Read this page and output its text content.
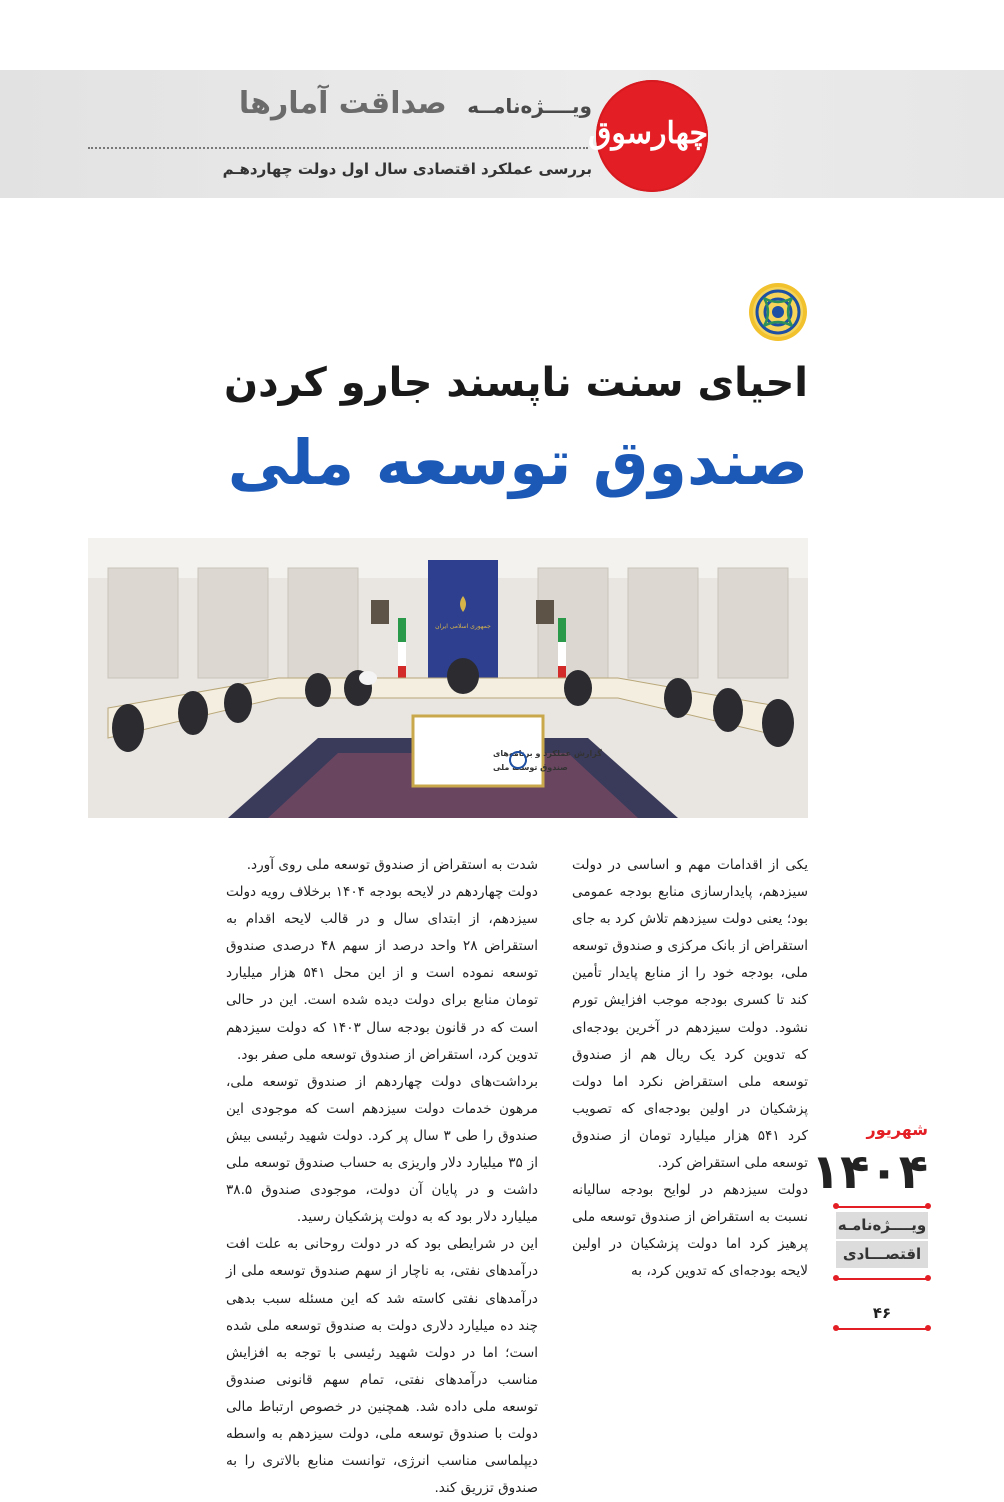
ویــــژه‌نامــه صداقت آمارها
بررسی عملکرد اقتصادی سال اول دولت چهاردهـم
چهارسوق
احیای سنت ناپسند جارو کردن
صندوق توسعه ملی
جمهوری اسلامی ایران
گزارش عملکرد و برنامه‌های
صندوق توسعه ملی

یکی از اقدامات مهم و اساسی در دولت سیزدهم، پایدارسازی منابع بودجه عمومی بود؛ یعنی دولت سیزدهم تلاش کرد به جای استقراض از بانک مرکزی و صندوق توسعه ملی، بودجه خود را از منابع پایدار تأمین کند تا کسری بودجه موجب افزایش تورم نشود. دولت سیزدهم در آخرین بودجه‌ای که تدوین کرد یک ریال هم از صندوق توسعه ملی استقراض نکرد اما دولت پزشکیان در اولین بودجه‌ای که تصویب کرد ۵۴۱ هزار میلیارد تومان از صندوق توسعه ملی استقراض کرد.

دولت سیزدهم در لوایح بودجه سالیانه نسبت به استقراض از صندوق توسعه ملی پرهیز کرد اما دولت پزشکیان در اولین لایحه بودجه‌ای که تدوین کرد، به

شدت به استقراض از صندوق توسعه ملی روی آورد.

دولت چهاردهم در لایحه بودجه ۱۴۰۴ برخلاف رویه دولت سیزدهم، از ابتدای سال و در قالب لایحه اقدام به استقراض ۲۸ واحد درصد از سهم ۴۸ درصدی صندوق توسعه نموده است و از این محل ۵۴۱ هزار میلیارد تومان منابع برای دولت دیده شده است. این در حالی است که در قانون بودجه سال ۱۴۰۳ که دولت سیزدهم تدوین کرد، استقراض از صندوق توسعه ملی صفر بود.

برداشت‌های دولت چهاردهم از صندوق توسعه ملی، مرهون خدمات دولت سیزدهم است که موجودی این صندوق را طی ۳ سال پر کرد. دولت شهید رئیسی بیش از ۳۵ میلیارد دلار واریزی به حساب صندوق توسعه ملی داشت و در پایان آن دولت، موجودی صندوق ۳۸.۵ میلیارد دلار بود که به دولت پزشکیان رسید.

این در شرایطی بود که در دولت روحانی به علت افت درآمدهای نفتی، به ناچار از سهم صندوق توسعه ملی از درآمدهای نفتی کاسته شد که این مسئله سبب بدهی چند ده میلیارد دلاری دولت به صندوق توسعه ملی شده است؛ اما در دولت شهید رئیسی با توجه به افزایش مناسب درآمدهای نفتی، تمام سهم قانونی صندوق توسعه ملی داده شد. همچنین در خصوص ارتباط مالی دولت با صندوق توسعه ملی، دولت سیزدهم به واسطه دیپلماسی مناسب انرژی، توانست منابع بالاتری را به صندوق تزریق کند.

شهریور
۱۴۰۴
ویــــژه‌نامـه
اقتصـــادی
۴۶
